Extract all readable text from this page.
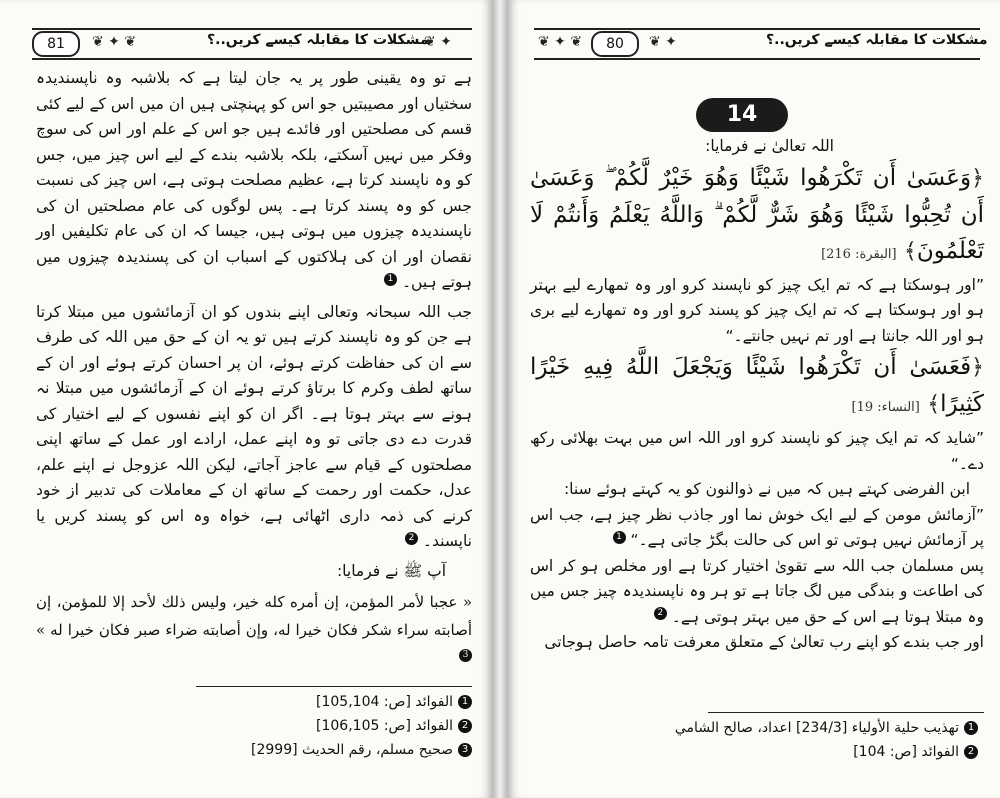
81	❦ ✦ ❦	مشکلات کا مقابلہ کیسے کریں..؟
❦ ✦

ہے تو وہ یقینی طور پر یہ جان لیتا ہے کہ بلاشبہ وہ ناپسندیدہ سختیاں اور مصیبتیں جو اس کو پہنچتی ہیں ان میں اس کے لیے کئی قسم کی مصلحتیں اور فائدے ہیں جو اس کے علم اور اس کی سوچ وفکر میں نہیں آسکتے، بلکہ بلاشبہ بندے کے لیے اس چیز میں، جس کو وہ ناپسند کرتا ہے، عظیم مصلحت ہوتی ہے، اس چیز کی نسبت جس کو وہ پسند کرتا ہے۔ پس لوگوں کی عام مصلحتیں ان کی ناپسندیدہ چیزوں میں ہوتی ہیں، جیسا کہ ان کی عام تکلیفیں اور نقصان اور ان کی ہلاکتوں کے اسباب ان کی پسندیدہ چیزوں میں ہوتے ہیں۔ 1

جب اللہ سبحانہ وتعالی اپنے بندوں کو ان آزمائشوں میں مبتلا کرتا ہے جن کو وہ ناپسند کرتے ہیں تو یہ ان کے حق میں اللہ کی طرف سے ان کی حفاظت کرتے ہوئے، ان پر احسان کرتے ہوئے اور ان کے ساتھ لطف وکرم کا برتاؤ کرتے ہوئے ان کے آزمائشوں میں مبتلا نہ ہونے سے بہتر ہوتا ہے۔ اگر ان کو اپنے نفسوں کے لیے اختیار کی قدرت دے دی جاتی تو وہ اپنے عمل، ارادے اور عمل کے ساتھ اپنی مصلحتوں کے قیام سے عاجز آجاتے، لیکن اللہ عزوجل نے اپنے علم، عدل، حکمت اور رحمت کے ساتھ ان کے معاملات کی تدبیر از خود کرنے کی ذمہ داری اٹھائی ہے، خواہ وہ اس کو پسند کریں یا ناپسند۔ 2

آپ ﷺ نے فرمایا:

« عجبا لأمر المؤمن، إن أمره كله خير، وليس ذلك لأحد إلا للمؤمن، إن أصابته سراء شكر فكان خيرا له، وإن أصابته ضراء صبر فكان خيرا له » 3

1الفوائد [ص: 105,104]
2الفوائد [ص: 106,105]
3صحيح مسلم، رقم الحديث [2999]
❦ ✦ ❦	80	❦ ✦	مشکلات کا مقابلہ کیسے کریں..؟

اللہ تعالیٰ نے فرمایا:

﴿وَعَسَىٰ أَن تَكْرَهُوا شَيْئًا وَهُوَ خَيْرٌ لَّكُمْ ۖ وَعَسَىٰ أَن تُحِبُّوا شَيْئًا وَهُوَ شَرٌّ لَّكُمْ ۗ وَاللَّهُ يَعْلَمُ وَأَنتُمْ لَا تَعْلَمُونَ﴾ [البقرة: 216]

”اور ہوسکتا ہے کہ تم ایک چیز کو ناپسند کرو اور وہ تمھارے لیے بہتر ہو اور ہوسکتا ہے کہ تم ایک چیز کو پسند کرو اور وہ تمھارے لیے بری ہو اور اللہ جانتا ہے اور تم نہیں جانتے۔“

﴿فَعَسَىٰ أَن تَكْرَهُوا شَيْئًا وَيَجْعَلَ اللَّهُ فِيهِ خَيْرًا كَثِيرًا﴾ [النساء: 19]

”شاید کہ تم ایک چیز کو ناپسند کرو اور اللہ اس میں بہت بھلائی رکھ دے۔“

ابن الفرضی کہتے ہیں کہ میں نے ذوالنون کو یہ کہتے ہوئے سنا:

”آزمائش مومن کے لیے ایک خوش نما اور جاذب نظر چیز ہے، جب اس پر آزمائش نہیں ہوتی تو اس کی حالت بگڑ جاتی ہے۔“ 1

پس مسلمان جب اللہ سے تقویٰ اختیار کرتا ہے اور مخلص ہو کر اس کی اطاعت و بندگی میں لگ جاتا ہے تو ہر وہ ناپسندیدہ چیز جس میں وہ مبتلا ہوتا ہے اس کے حق میں بہتر ہوتی ہے۔ 2

اور جب بندے کو اپنے رب تعالیٰ کے متعلق معرفت تامہ حاصل ہوجاتی

1تهذيب حلية الأولياء [234/3] اعداد، صالح الشامي
2الفوائد [ص: 104]
14
